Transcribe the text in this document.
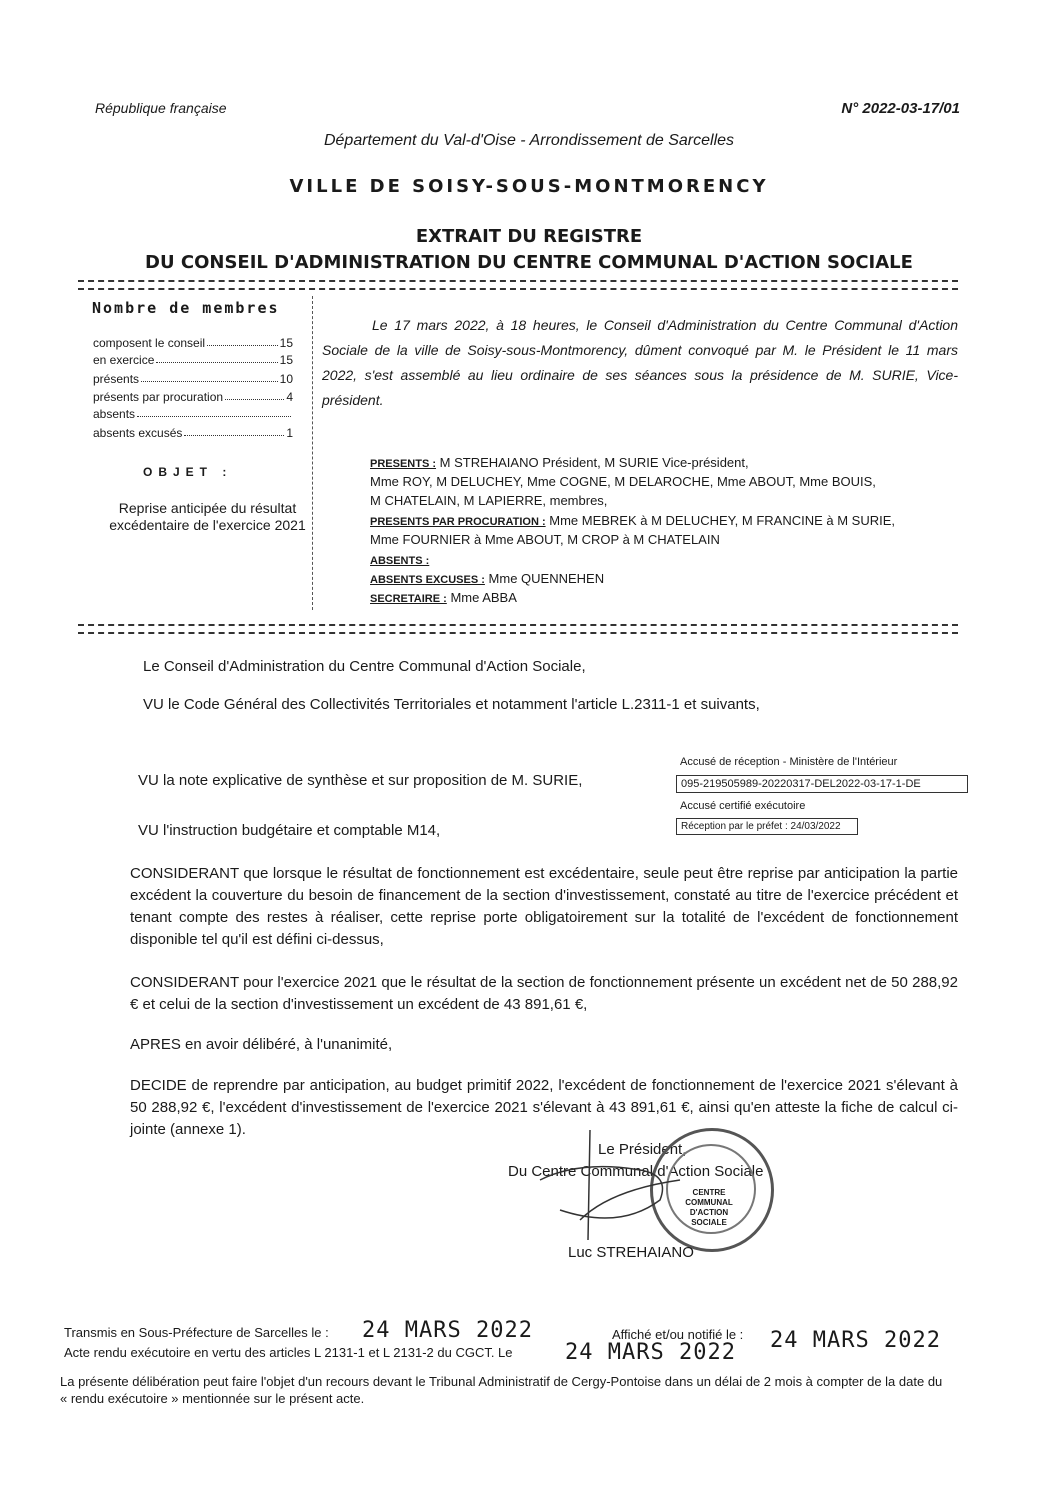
République française	N° 2022-03-17/01
Département du Val-d'Oise - Arrondissement de Sarcelles
VILLE DE SOISY-SOUS-MONTMORENCY
EXTRAIT DU REGISTRE
DU CONSEIL D'ADMINISTRATION DU CENTRE COMMUNAL D'ACTION SOCIALE
Nombre de membres
composent le conseil	15
en exercice	15
présents	10
présents par procuration	4
absents
absents excusés	1
OBJET :
Reprise anticipée du résultat excédentaire de l'exercice 2021
Le 17 mars 2022, à 18 heures, le Conseil d'Administration du Centre Communal d'Action Sociale de la ville de Soisy-sous-Montmorency, dûment convoqué par M. le Président le 11 mars 2022, s'est assemblé au lieu ordinaire de ses séances sous la présidence de M. SURIE, Vice-président.
PRESENTS : M STREHAIANO Président, M SURIE Vice-président,
Mme ROY, M DELUCHEY, Mme COGNE, M DELAROCHE, Mme ABOUT, Mme BOUIS,
M CHATELAIN, M LAPIERRE, membres,
PRESENTS PAR PROCURATION : Mme MEBREK à M DELUCHEY, M FRANCINE à M SURIE,
Mme FOURNIER à Mme ABOUT, M CROP à M CHATELAIN
ABSENTS :
ABSENTS EXCUSES : Mme QUENNEHEN
SECRETAIRE : Mme ABBA
Le Conseil d'Administration du Centre Communal d'Action Sociale,
VU le Code Général des Collectivités Territoriales et notamment l'article L.2311-1 et suivants,
VU la note explicative de synthèse et sur proposition de M. SURIE,
VU l'instruction budgétaire et comptable M14,
Accusé de réception - Ministère de l'Intérieur
095-219505989-20220317-DEL2022-03-17-1-DE
Accusé certifié exécutoire
Réception par le préfet : 24/03/2022
CONSIDERANT que lorsque le résultat de fonctionnement est excédentaire, seule peut être reprise par anticipation la partie excédent la couverture du besoin de financement de la section d'investissement, constaté au titre de l'exercice précédent et tenant compte des restes à réaliser, cette reprise porte obligatoirement sur la totalité de l'excédent de fonctionnement disponible tel qu'il est défini ci-dessus,
CONSIDERANT pour l'exercice 2021 que le résultat de la section de fonctionnement présente un excédent net de 50 288,92 € et celui de la section d'investissement un excédent de 43 891,61 €,
APRES en avoir délibéré, à l'unanimité,
DECIDE de reprendre par anticipation, au budget primitif 2022, l'excédent de fonctionnement de l'exercice 2021 s'élevant à 50 288,92 €, l'excédent d'investissement de l'exercice 2021 s'élevant à 43 891,61 €, ainsi qu'en atteste la fiche de calcul ci-jointe (annexe 1).
Le Président,
Du Centre Communal d'Action Sociale
CENTRE COMMUNAL D'ACTION SOCIALE
Luc STREHAIANO
Transmis en Sous-Préfecture de Sarcelles le : 24 MARS 2022	Affiché et/ou notifié le : 24 MARS 2022
Acte rendu exécutoire en vertu des articles L 2131-1 et L 2131-2 du CGCT. Le 24 MARS 2022
La présente délibération peut faire l'objet d'un recours devant le Tribunal Administratif de Cergy-Pontoise dans un délai de 2 mois à compter de la date du « rendu exécutoire » mentionnée sur le présent acte.
